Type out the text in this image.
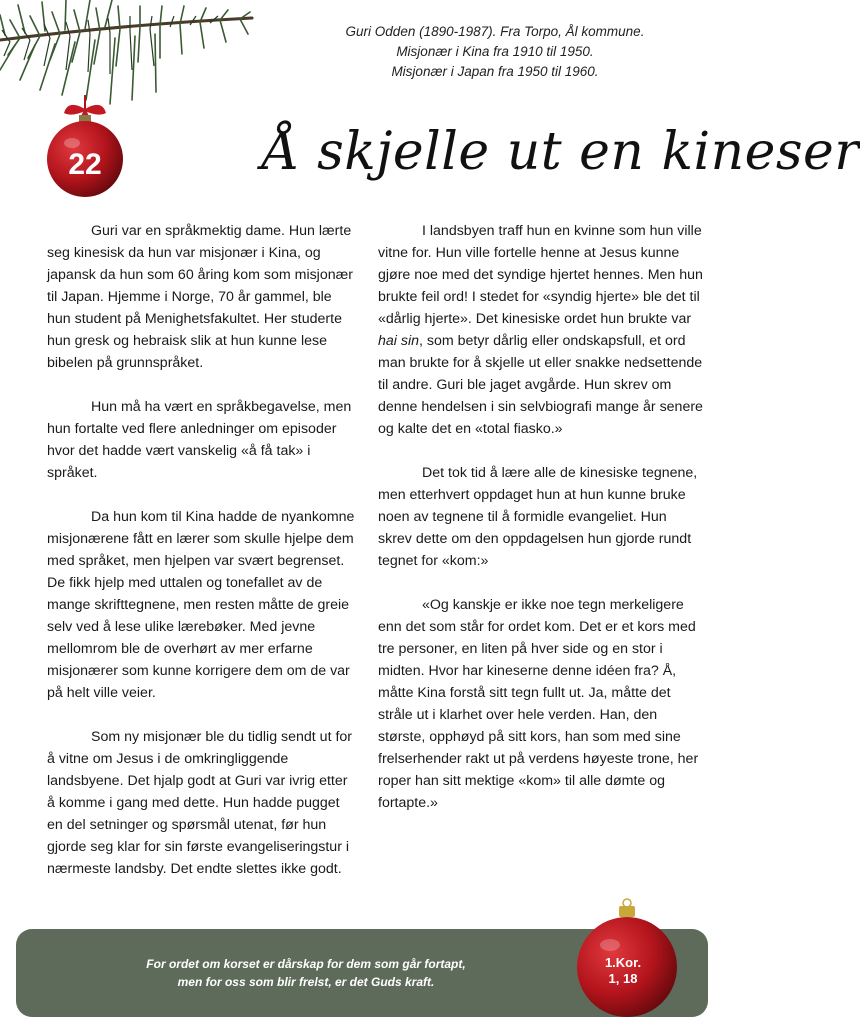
22
Guri Odden (1890-1987). Fra Torpo, Ål kommune.
Misjonær i Kina fra 1910 til 1950.
Misjonær i Japan fra 1950 til 1960.
Å skjelle ut en kineser

Guri var en språkmektig dame. Hun lærte seg kinesisk da hun var misjonær i Kina, og japansk da hun som 60 åring kom som misjonær til Japan. Hjemme i Norge, 70 år gammel, ble hun student på Menighetsfakultet. Her studerte hun gresk og hebraisk slik at hun kunne lese bibelen på grunnspråket.

Hun må ha vært en språkbegavelse, men hun fortalte ved flere anledninger om episoder hvor det hadde vært vanskelig «å få tak» i språket.

Da hun kom til Kina hadde de nyankomne misjonærene fått en lærer som skulle hjelpe dem med språket, men hjelpen var svært begrenset. De fikk hjelp med uttalen og tonefallet av de mange skrifttegnene, men resten måtte de greie selv ved å lese ulike lærebøker. Med jevne mellomrom ble de overhørt av mer erfarne misjonærer som kunne korrigere dem om de var på helt ville veier.

Som ny misjonær ble du tidlig sendt ut for å vitne om Jesus i de omkringliggende landsbyene. Det hjalp godt at Guri var ivrig etter å komme i gang med dette. Hun hadde pugget en del setninger og spørsmål utenat, før hun gjorde seg klar for sin første evangeliseringstur i nærmeste landsby. Det endte slettes ikke godt.

I landsbyen traff hun en kvinne som hun ville vitne for. Hun ville fortelle henne at Jesus kunne gjøre noe med det syndige hjertet hennes. Men hun brukte feil ord! I stedet for «syndig hjerte» ble det til «dårlig hjerte». Det kinesiske ordet hun brukte var hai sin, som betyr dårlig eller ondskapsfull, et ord man brukte for å skjelle ut eller snakke nedsettende til andre. Guri ble jaget avgårde. Hun skrev om denne hendelsen i sin selvbiografi mange år senere og kalte det en «total fiasko.»

Det tok tid å lære alle de kinesiske tegnene, men etterhvert oppdaget hun at hun kunne bruke noen av tegnene til å formidle evangeliet. Hun skrev dette om den oppdagelsen hun gjorde rundt tegnet for «kom:»

«Og kanskje er ikke noe tegn merkeligere enn det som står for ordet kom. Det er et kors med tre personer, en liten på hver side og en stor i midten. Hvor har kineserne denne idéen fra? Å, måtte Kina forstå sitt tegn fullt ut. Ja, måtte det stråle ut i klarhet over hele verden. Han, den største, opphøyd på sitt kors, han som med sine frelserhender rakt ut på verdens høyeste trone, her roper han sitt mektige «kom» til alle dømte og fortapte.»

For ordet om korset er dårskap for dem som går fortapt,
men for oss som blir frelst, er det Guds kraft.
1.Kor.
1, 18
